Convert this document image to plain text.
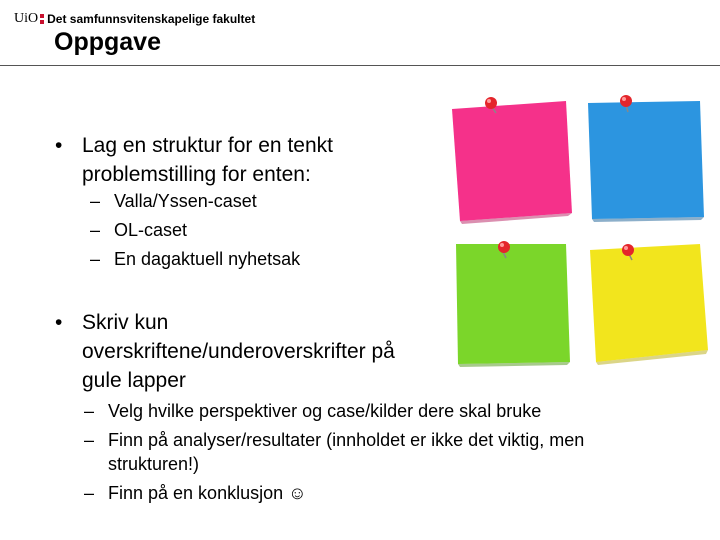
UiO Det samfunnsvitenskapelige fakultet
Oppgave
• Lag en struktur for en tenkt
problemstilling for enten:
– Valla/Yssen-caset
– OL-caset
– En dagaktuell nyhetsak
• Skriv kun
overskriftene/underoverskrifter på
gule lapper
– Velg hvilke perspektiver og case/kilder dere skal bruke
– Finn på analyser/resultater (innholdet er ikke det viktig, men
strukturen!)
– Finn på en konklusjon ☺
